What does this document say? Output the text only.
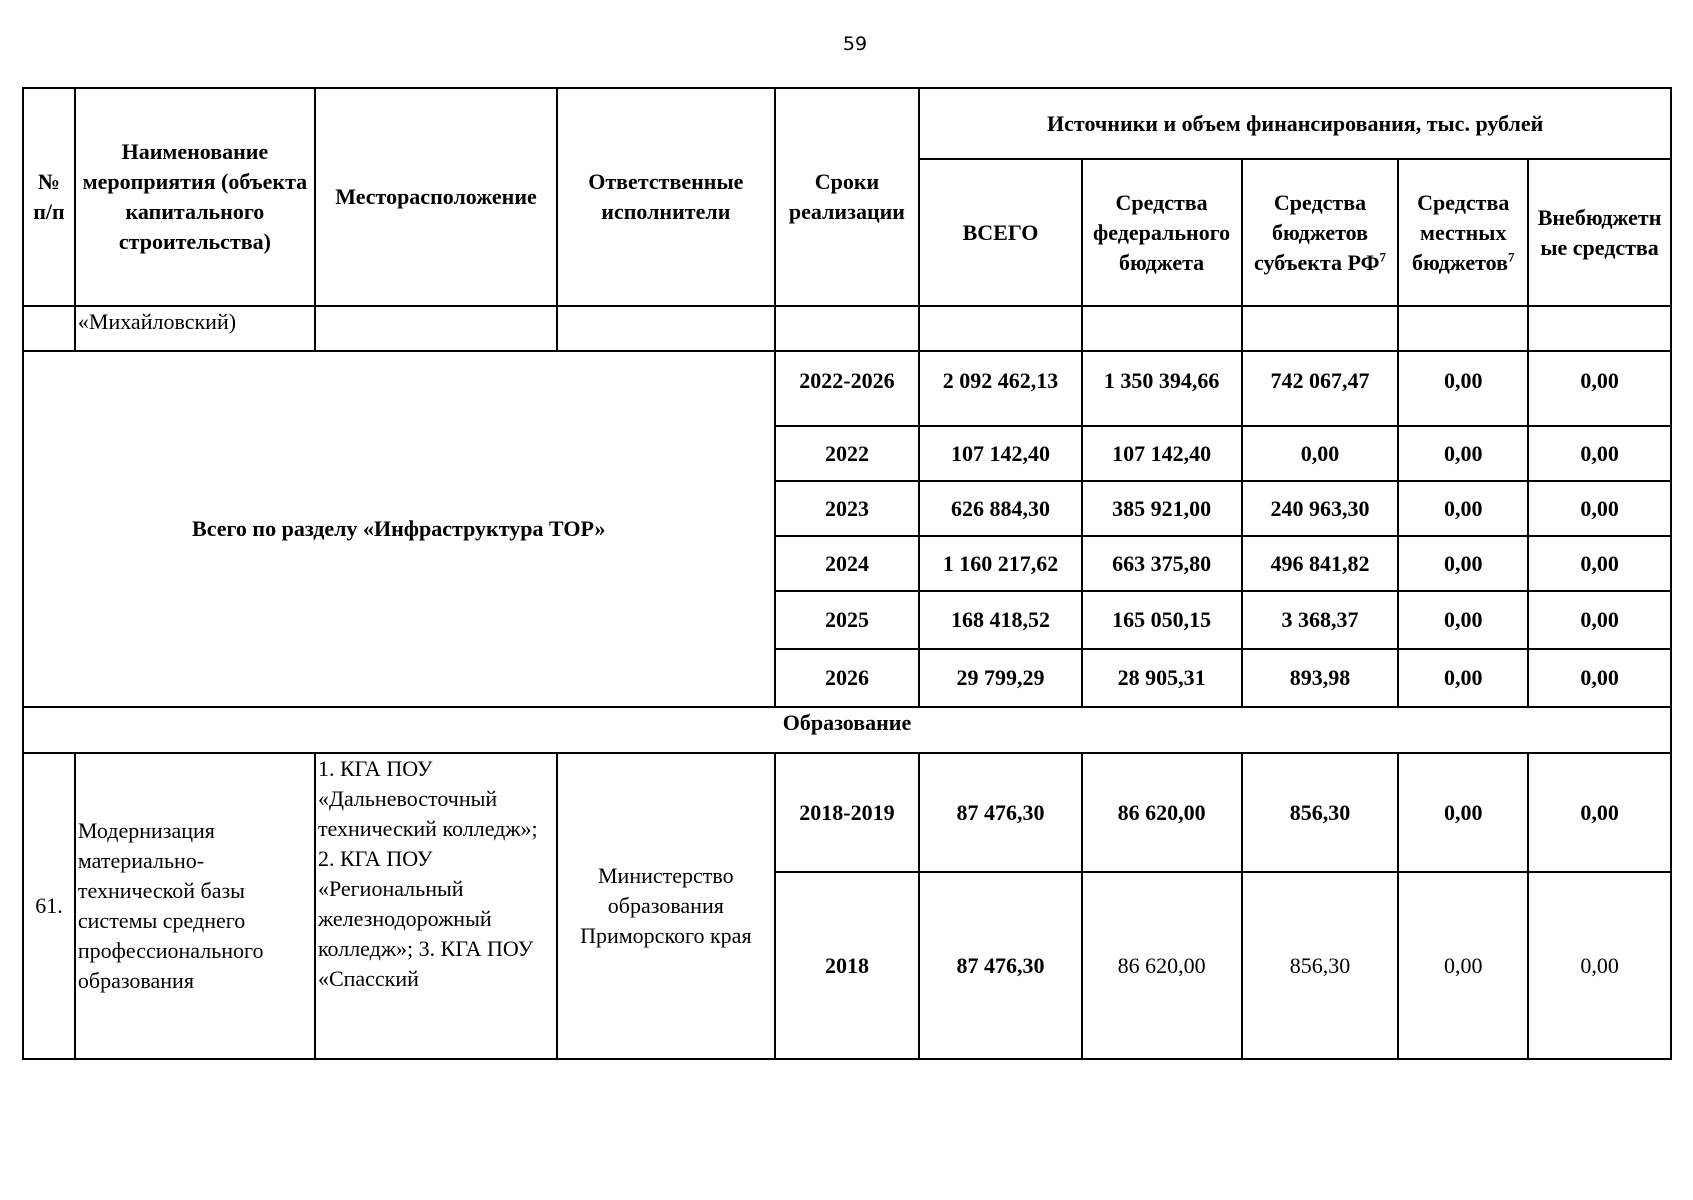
59
№ п/п	Наименование мероприятия (объекта капитального строительства)	Месторасположение	Ответственные исполнители	Сроки реализации	Источники и объем финансирования, тыс. рублей				
					ВСЕГО	Средства федерального бюджета	Средства бюджетов субъекта $РФ^7$	Средства местных бюджетов$^7$	Внебюджетн ые средства
	«Михайловский)								
Всего по разделу «Инфраструктура ТОР»				2022-2026	2 092 462,13	1 350 394,66	742 067,47	0,00	0,00
				2022	107 142,40	107 142,40	0,00	0,00	0,00
				2023	626 884,30	385 921,00	240 963,30	0,00	0,00
				2024	1 160 217,62	663 375,80	496 841,82	0,00	0,00
				2025	168 418,52	165 050,15	3 368,37	0,00	0,00
				2026	29 799,29	28 905,31	893,98	0,00	0,00
Образование									
61.	Модернизация материально-технической базы системы среднего профессионального образования	1. КГА ПОУ «Дальневосточный технический колледж»; 2. КГА ПОУ «Региональный железнодорожный колледж»; 3. КГА ПОУ «Спасский	Министерство образования Приморского края	2018-2019	87 476,30	86 620,00	856,30	0,00	0,00
				2018	87 476,30	86 620,00	856,30	0,00	0,00
